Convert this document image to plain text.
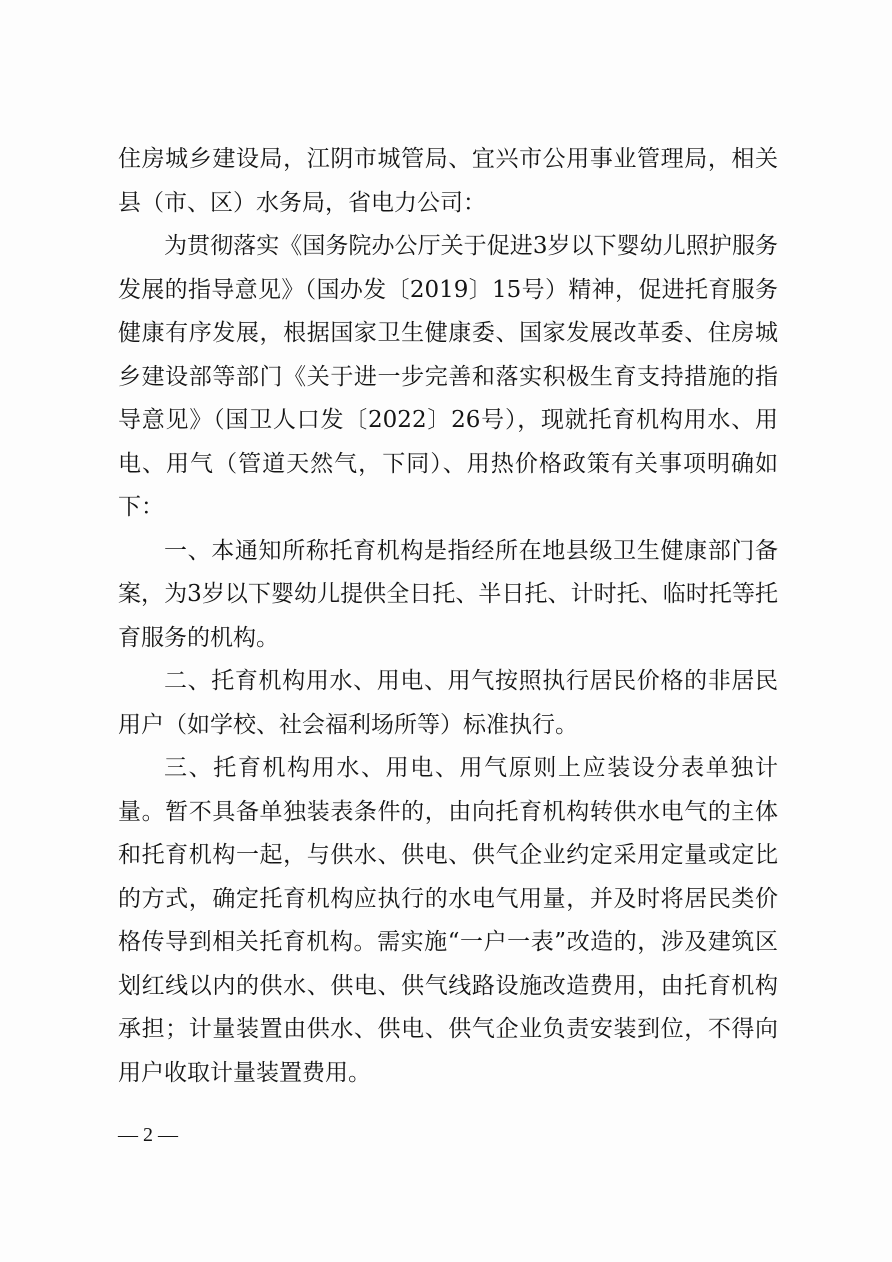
住房城乡建设局，江阴市城管局、宜兴市公用事业管理局，相关县（市、区）水务局，省电力公司：

为贯彻落实《国务院办公厅关于促进3岁以下婴幼儿照护服务发展的指导意见》（国办发〔2019〕15号）精神，促进托育服务健康有序发展，根据国家卫生健康委、国家发展改革委、住房城乡建设部等部门《关于进一步完善和落实积极生育支持措施的指导意见》（国卫人口发〔2022〕26号），现就托育机构用水、用电、用气（管道天然气，下同）、用热价格政策有关事项明确如下：

一、本通知所称托育机构是指经所在地县级卫生健康部门备案，为3岁以下婴幼儿提供全日托、半日托、计时托、临时托等托育服务的机构。

二、托育机构用水、用电、用气按照执行居民价格的非居民用户（如学校、社会福利场所等）标准执行。

三、托育机构用水、用电、用气原则上应装设分表单独计量。暂不具备单独装表条件的，由向托育机构转供水电气的主体和托育机构一起，与供水、供电、供气企业约定采用定量或定比的方式，确定托育机构应执行的水电气用量，并及时将居民类价格传导到相关托育机构。需实施“一户一表”改造的，涉及建筑区划红线以内的供水、供电、供气线路设施改造费用，由托育机构承担；计量装置由供水、供电、供气企业负责安装到位，不得向用户收取计量装置费用。

— 2 —
